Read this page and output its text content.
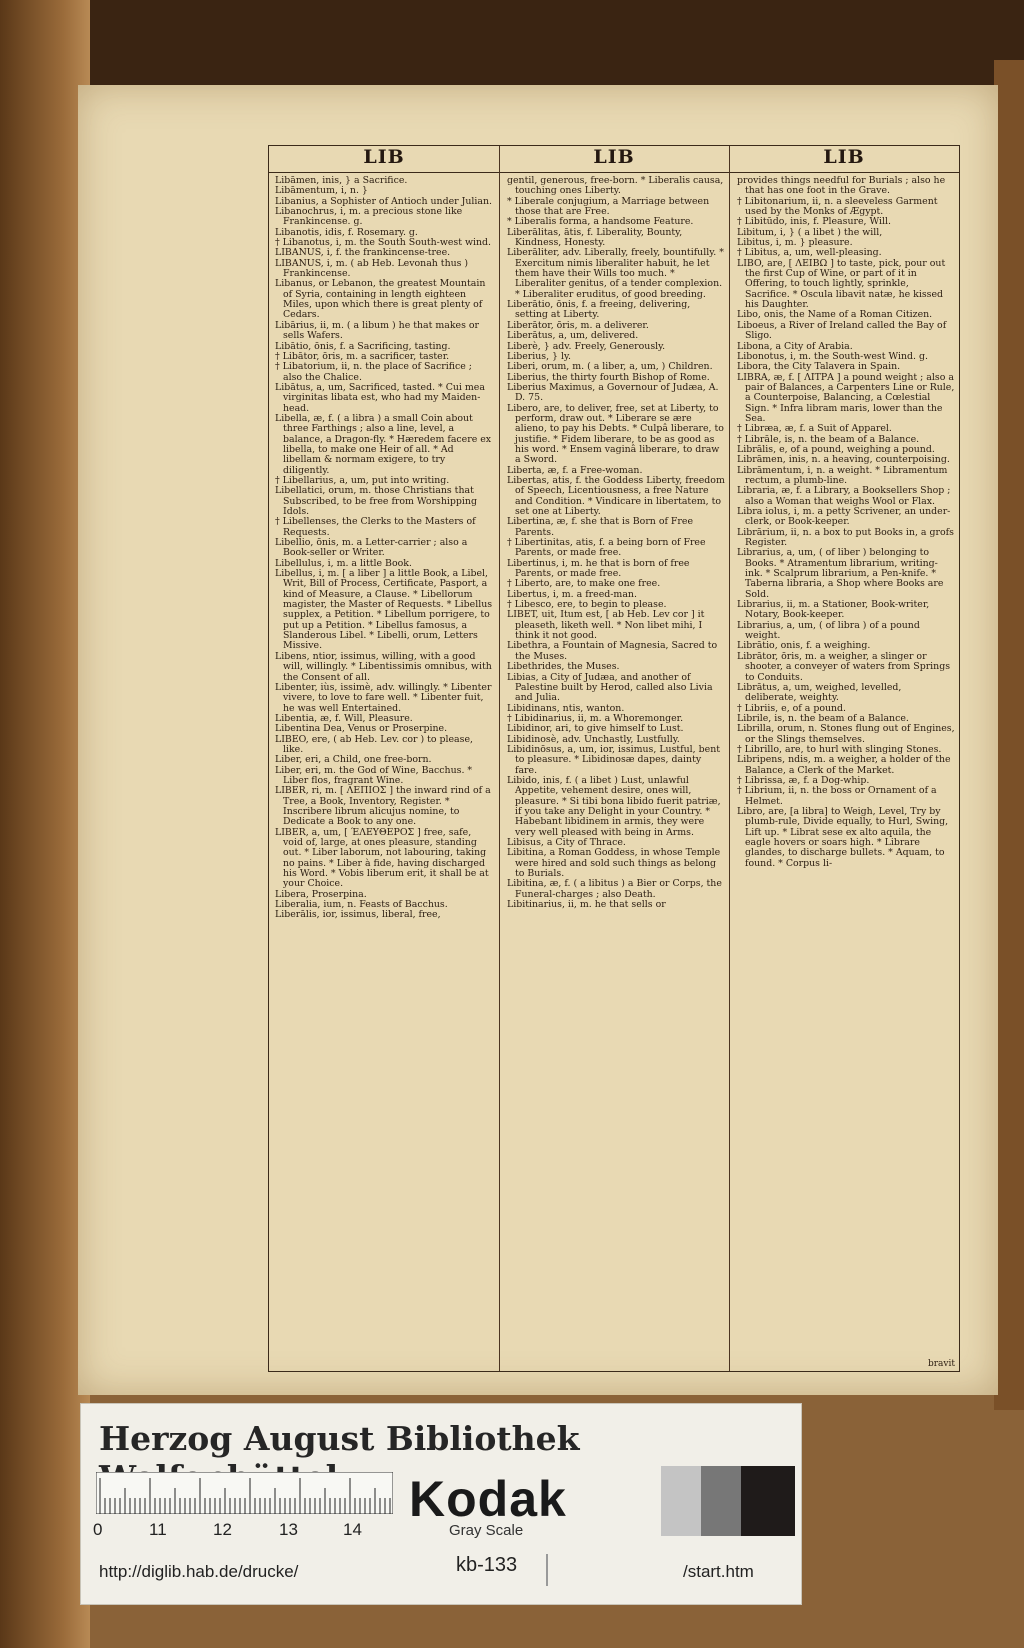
LIB	LIB	LIB

Libāmen, inis, } a Sacrifice.

Libāmentum, i, n. }

Libanius, a Sophister of Antioch under Julian.

Libanochrus, i, m. a precious stone like Frankincense. g.

Libanotis, idis, f. Rosemary. g.

† Libanotus, i, m. the South South-west wind.

LIBANUS, i, f. the frankincense-tree.

LIBANUS, i, m. ( ab Heb. Levonah thus ) Frankincense.

Libanus, or Lebanon, the greatest Mountain of Syria, containing in length eighteen Miles, upon which there is great plenty of Cedars.

Libārius, ii, m. ( a libum ) he that makes or sells Wafers.

Libātio, ōnis, f. a Sacrificing, tasting.

† Libātor, ōris, m. a sacrificer, taster.

† Libatorium, ii, n. the place of Sacrifice ; also the Chalice.

Libātus, a, um, Sacrificed, tasted. * Cui mea virginitas libata est, who had my Maiden-head.

Libella, æ, f. ( a libra ) a small Coin about three Farthings ; also a line, level, a balance, a Dragon-fly. * Hæredem facere ex libella, to make one Heir of all. * Ad libellam & normam exigere, to try diligently.

† Libellarius, a, um, put into writing.

Libellatici, orum, m. those Christians that Subscribed, to be free from Worshipping Idols.

† Libellenses, the Clerks to the Masters of Requests.

Libellio, ōnis, m. a Letter-carrier ; also a Book-seller or Writer.

Libellulus, i, m. a little Book.

Libellus, i, m. [ a liber ] a little Book, a Libel, Writ, Bill of Process, Certificate, Pasport, a kind of Measure, a Clause. * Libellorum magister, the Master of Requests. * Libellus supplex, a Petition. * Libellum porrigere, to put up a Petition. * Libellus famosus, a Slanderous Libel. * Libelli, orum, Letters Missive.

Libens, ntior, issimus, willing, with a good will, willingly. * Libentissimis omnibus, with the Consent of all.

Libenter, iùs, issimè, adv. willingly. * Libenter vivere, to love to fare well. * Libenter fuit, he was well Entertained.

Libentia, æ, f. Will, Pleasure.

Libentina Dea, Venus or Proserpine.

LIBEO, ere, ( ab Heb. Lev. cor ) to please, like.

Liber, eri, a Child, one free-born.

Liber, eri, m. the God of Wine, Bacchus. * Liber flos, fragrant Wine.

LIBER, ri, m. [ ΛΕΠΙΟΣ ] the inward rind of a Tree, a Book, Inventory, Register. * Inscribere librum alicujus nomine, to Dedicate a Book to any one.

LIBER, a, um, [ ΈΛΕΥΘΕΡΟΣ ] free, safe, void of, large, at ones pleasure, standing out. * Liber laborum, not labouring, taking no pains. * Liber à fide, having discharged his Word. * Vobis liberum erit, it shall be at your Choice.

Libera, Proserpina.

Liberalia, ium, n. Feasts of Bacchus.

Liberālis, ior, issimus, liberal, free,

gentil, generous, free-born. * Liberalis causa, touching ones Liberty.

* Liberale conjugium, a Marriage between those that are Free.

* Liberalis forma, a handsome Feature.

Liberālitas, ātis, f. Liberality, Bounty, Kindness, Honesty.

Liberāliter, adv. Liberally, freely, bountifully. * Exercitum nimis liberaliter habuit, he let them have their Wills too much. * Liberaliter genitus, of a tender complexion. * Liberaliter eruditus, of good breeding.

Liberātio, ōnis, f. a freeing, delivering, setting at Liberty.

Liberātor, ōris, m. a deliverer.

Liberātus, a, um, delivered.

Liberè, } adv. Freely, Generously.

Liberius, } ly.

Liberi, orum, m. ( a liber, a, um, ) Children.

Liberius, the thirty fourth Bishop of Rome.

Liberius Maximus, a Governour of Judæa, A. D. 75.

Libero, are, to deliver, free, set at Liberty, to perform, draw out. * Liberare se ære alieno, to pay his Debts. * Culpâ liberare, to justifie. * Fidem liberare, to be as good as his word. * Ensem vaginâ liberare, to draw a Sword.

Liberta, æ, f. a Free-woman.

Libertas, atis, f. the Goddess Liberty, freedom of Speech, Licentiousness, a free Nature and Condition. * Vindicare in libertatem, to set one at Liberty.

Libertina, æ, f. she that is Born of Free Parents.

† Libertinitas, atis, f. a being born of Free Parents, or made free.

Libertinus, i, m. he that is born of free Parents, or made free.

† Liberto, are, to make one free.

Libertus, i, m. a freed-man.

† Libesco, ere, to begin to please.

LIBET, uit, Itum est, [ ab Heb. Lev cor ] it pleaseth, liketh well. * Non libet mihi, I think it not good.

Libethra, a Fountain of Magnesia, Sacred to the Muses.

Libethrides, the Muses.

Libias, a City of Judæa, and another of Palestine built by Herod, called also Livia and Julia.

Libidinans, ntis, wanton.

† Libidinarius, ii, m. a Whoremonger.

Libidinor, ari, to give himself to Lust.

Libidinosè, adv. Unchastly, Lustfully.

Libidinōsus, a, um, ior, issimus, Lustful, bent to pleasure. * Libidinosæ dapes, dainty fare.

Libido, inis, f. ( a libet ) Lust, unlawful Appetite, vehement desire, ones will, pleasure. * Si tibi bona libido fuerit patriæ, if you take any Delight in your Country. * Habebant libidinem in armis, they were very well pleased with being in Arms.

Libisus, a City of Thrace.

Libitina, a Roman Goddess, in whose Temple were hired and sold such things as belong to Burials.

Libitina, æ, f. ( a libitus ) a Bier or Corps, the Funeral-charges ; also Death.

Libitinarius, ii, m. he that sells or

provides things needful for Burials ; also he that has one foot in the Grave.

† Libitonarium, ii, n. a sleeveless Garment used by the Monks of Ægypt.

† Libitūdo, inis, f. Pleasure, Will.

Libitum, i, } ( a libet ) the will,

Libitus, i, m. } pleasure.

† Libitus, a, um, well-pleasing.

LIBO, are, [ ΛΕΙΒΩ ] to taste, pick, pour out the first Cup of Wine, or part of it in Offering, to touch lightly, sprinkle, Sacrifice. * Oscula libavit natæ, he kissed his Daughter.

Libo, onis, the Name of a Roman Citizen.

Liboeus, a River of Ireland called the Bay of Sligo.

Libona, a City of Arabia.

Libonotus, i, m. the South-west Wind. g.

Libora, the City Talavera in Spain.

LIBRA, æ, f. [ ΛΙΤΡΑ ] a pound weight ; also a pair of Balances, a Carpenters Line or Rule, a Counterpoise, Balancing, a Cœlestial Sign. * Infra libram maris, lower than the Sea.

† Libræa, æ, f. a Suit of Apparel.

† Librāle, is, n. the beam of a Balance.

Librālis, e, of a pound, weighing a pound.

Librāmen, inis, n. a heaving, counterpoising.

Librāmentum, i, n. a weight. * Libramentum rectum, a plumb-line.

Libraria, æ, f. a Library, a Booksellers Shop ; also a Woman that weighs Wool or Flax.

Libra iolus, i, m. a petty Scrivener, an under-clerk, or Book-keeper.

Librārium, ii, n. a box to put Books in, a grofs Register.

Librarius, a, um, ( of liber ) belonging to Books. * Atramentum librarium, writing-ink. * Scalprum librarium, a Pen-knife. * Taberna libraria, a Shop where Books are Sold.

Librarius, ii, m. a Stationer, Book-writer, Notary, Book-keeper.

Librarius, a, um, ( of libra ) of a pound weight.

Librātio, onis, f. a weighing.

Librātor, ōris, m. a weigher, a slinger or shooter, a conveyer of waters from Springs to Conduits.

Librātus, a, um, weighed, levelled, deliberate, weighty.

† Libriis, e, of a pound.

Librile, is, n. the beam of a Balance.

Librilla, orum, n. Stones flung out of Engines, or the Slings themselves.

† Librillo, are, to hurl with slinging Stones.

Libripens, ndis, m. a weigher, a holder of the Balance, a Clerk of the Market.

† Librissa, æ, f. a Dog-whip.

† Librium, ii, n. the boss or Ornament of a Helmet.

Libro, are, [a libra] to Weigh, Level, Try by plumb-rule, Divide equally, to Hurl, Swing, Lift up. * Librat sese ex alto aquila, the eagle hovers or soars high. * Librare glandes, to discharge bullets. * Aquam, to found. * Corpus li-

bravit
Herzog August Bibliothek
0	11	12	13	14
Kodak
Gray Scale
http://diglib.hab.de/drucke/	kb-133	/start.htm
